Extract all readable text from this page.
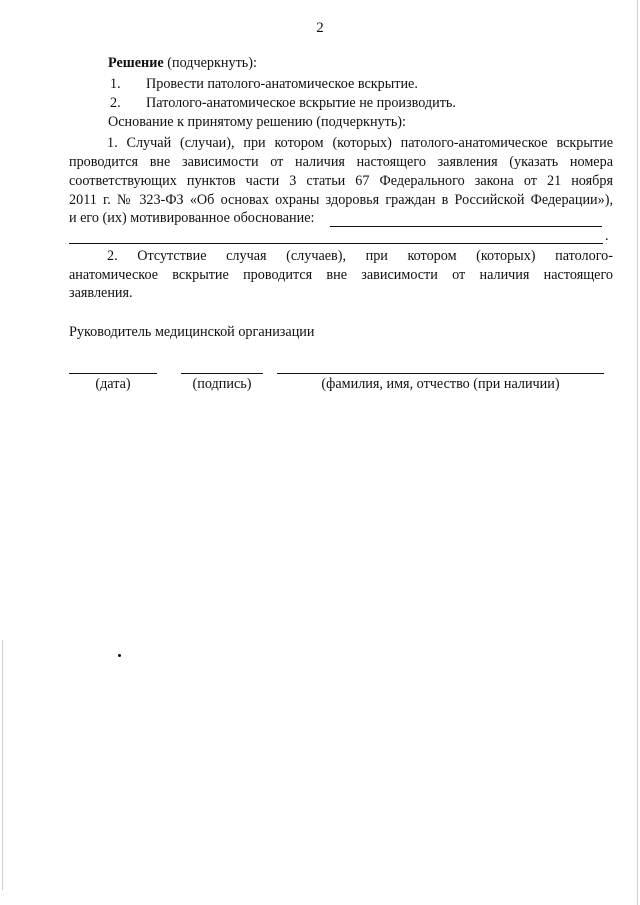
2
Решение (подчеркнуть):
1. Провести патолого-анатомическое вскрытие.
2. Патолого-анатомическое вскрытие не производить.
Основание к принятому решению (подчеркнуть):
1. Случай (случаи), при котором (которых) патолого-анатомическое вскрытие
проводится вне зависимости от наличия настоящего заявления (указать номера
соответствующих пунктов части 3 статьи 67 Федерального закона от 21 ноября
2011 г. № 323-ФЗ «Об основах охраны здоровья граждан в Российской Федерации»),
и его (их) мотивированное обоснование:
.
2. Отсутствие случая (случаев), при котором (которых) патолого-
анатомическое вскрытие проводится вне зависимости от наличия настоящего
заявления.
Руководитель медицинской организации
(дата)	(подпись)	(фамилия, имя, отчество (при наличии)
